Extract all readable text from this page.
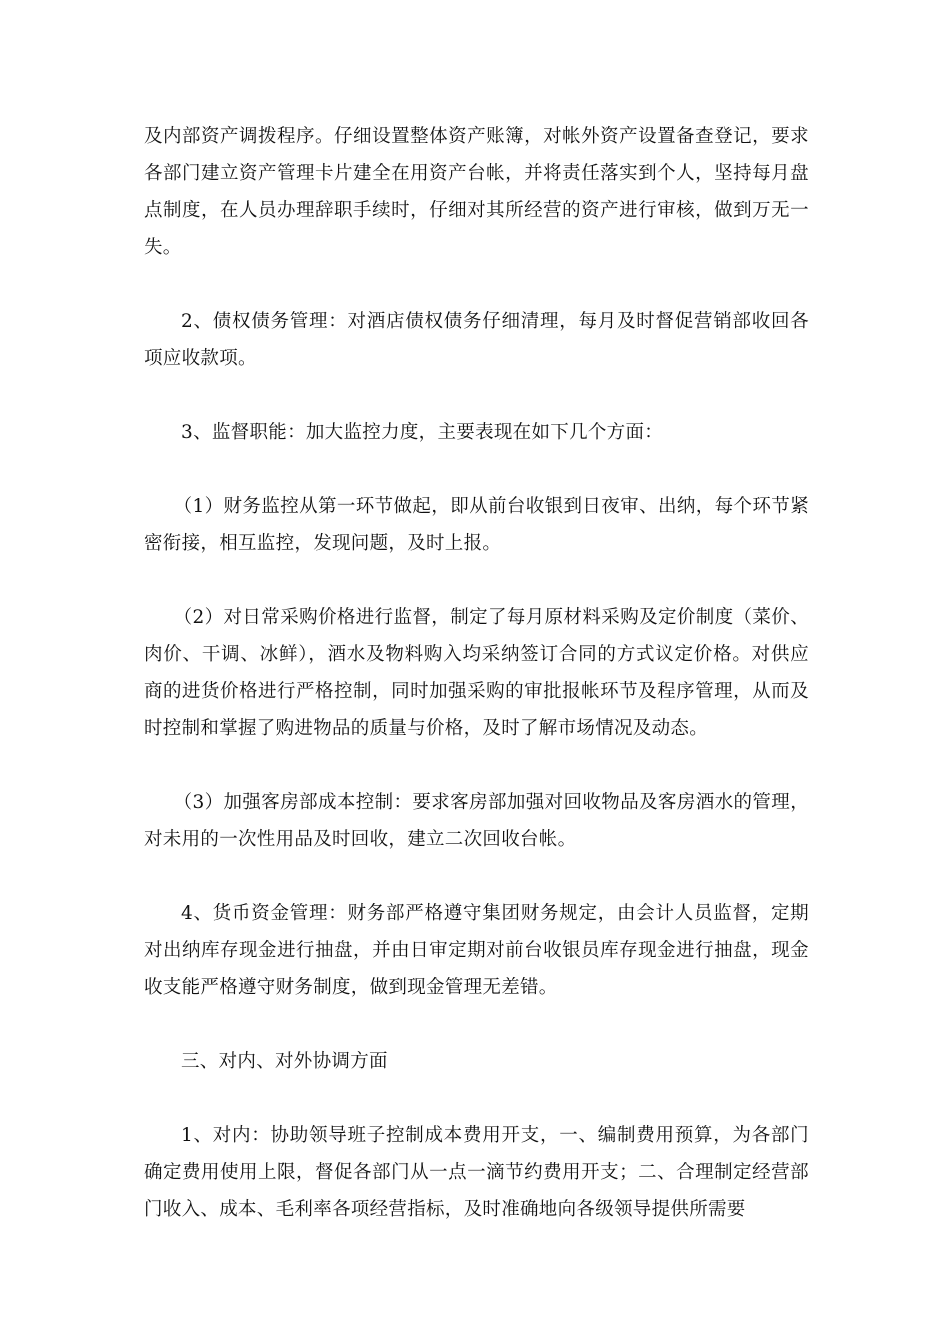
及内部资产调拨程序。仔细设置整体资产账簿，对帐外资产设置备查登记，要求各部门建立资产管理卡片建全在用资产台帐，并将责任落实到个人，坚持每月盘点制度，在人员办理辞职手续时，仔细对其所经营的资产进行审核，做到万无一失。

2、债权债务管理：对酒店债权债务仔细清理，每月及时督促营销部收回各项应收款项。

3、监督职能：加大监控力度，主要表现在如下几个方面：

（1）财务监控从第一环节做起，即从前台收银到日夜审、出纳，每个环节紧密衔接，相互监控，发现问题，及时上报。

（2）对日常采购价格进行监督，制定了每月原材料采购及定价制度（菜价、肉价、干调、冰鲜），酒水及物料购入均采纳签订合同的方式议定价格。对供应商的进货价格进行严格控制，同时加强采购的审批报帐环节及程序管理，从而及时控制和掌握了购进物品的质量与价格，及时了解市场情况及动态。

（3）加强客房部成本控制：要求客房部加强对回收物品及客房酒水的管理，对未用的一次性用品及时回收，建立二次回收台帐。

4、货币资金管理：财务部严格遵守集团财务规定，由会计人员监督，定期对出纳库存现金进行抽盘，并由日审定期对前台收银员库存现金进行抽盘，现金收支能严格遵守财务制度，做到现金管理无差错。

三、对内、对外协调方面

1、对内：协助领导班子控制成本费用开支，一、编制费用预算，为各部门确定费用使用上限，督促各部门从一点一滴节约费用开支；二、合理制定经营部门收入、成本、毛利率各项经营指标，及时准确地向各级领导提供所需要
